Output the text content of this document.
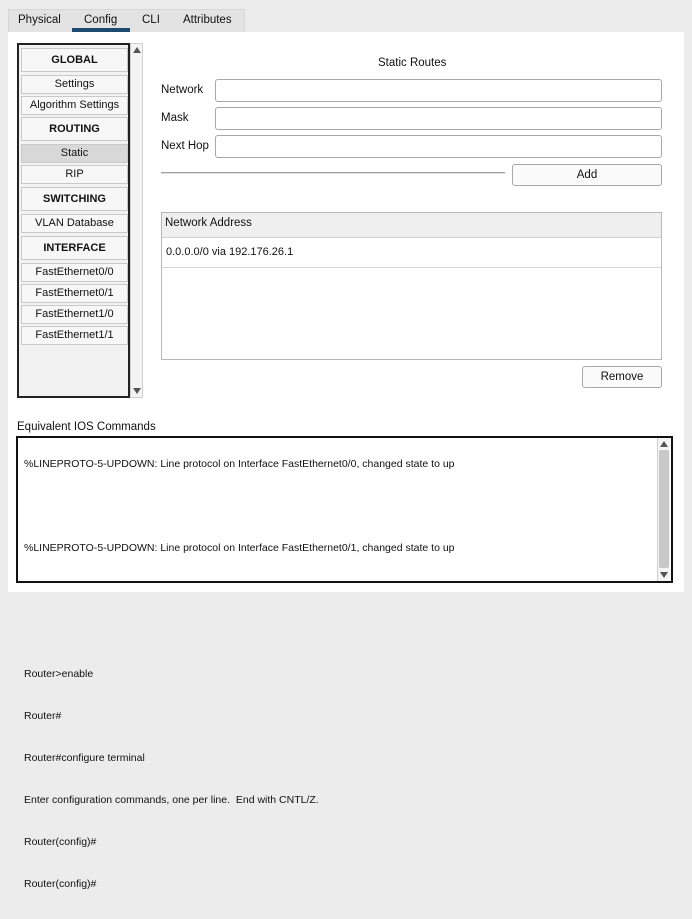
Physical Config CLI Attributes
GLOBAL
Settings
Algorithm Settings
ROUTING
Static
RIP
SWITCHING
VLAN Database
INTERFACE
FastEthernet0/0
FastEthernet0/1
FastEthernet1/0
FastEthernet1/1
Static Routes
Network
Mask
Next Hop
Add
Network Address
0.0.0.0/0 via 192.176.26.1
Remove
Equivalent IOS Commands

%LINEPROTO-5-UPDOWN: Line protocol on Interface FastEthernet0/0, changed state to up

%LINEPROTO-5-UPDOWN: Line protocol on Interface FastEthernet0/1, changed state to up

Router>enable

Router#

Router#configure terminal

Enter configuration commands, one per line.  End with CNTL/Z.

Router(config)#

Router(config)#
